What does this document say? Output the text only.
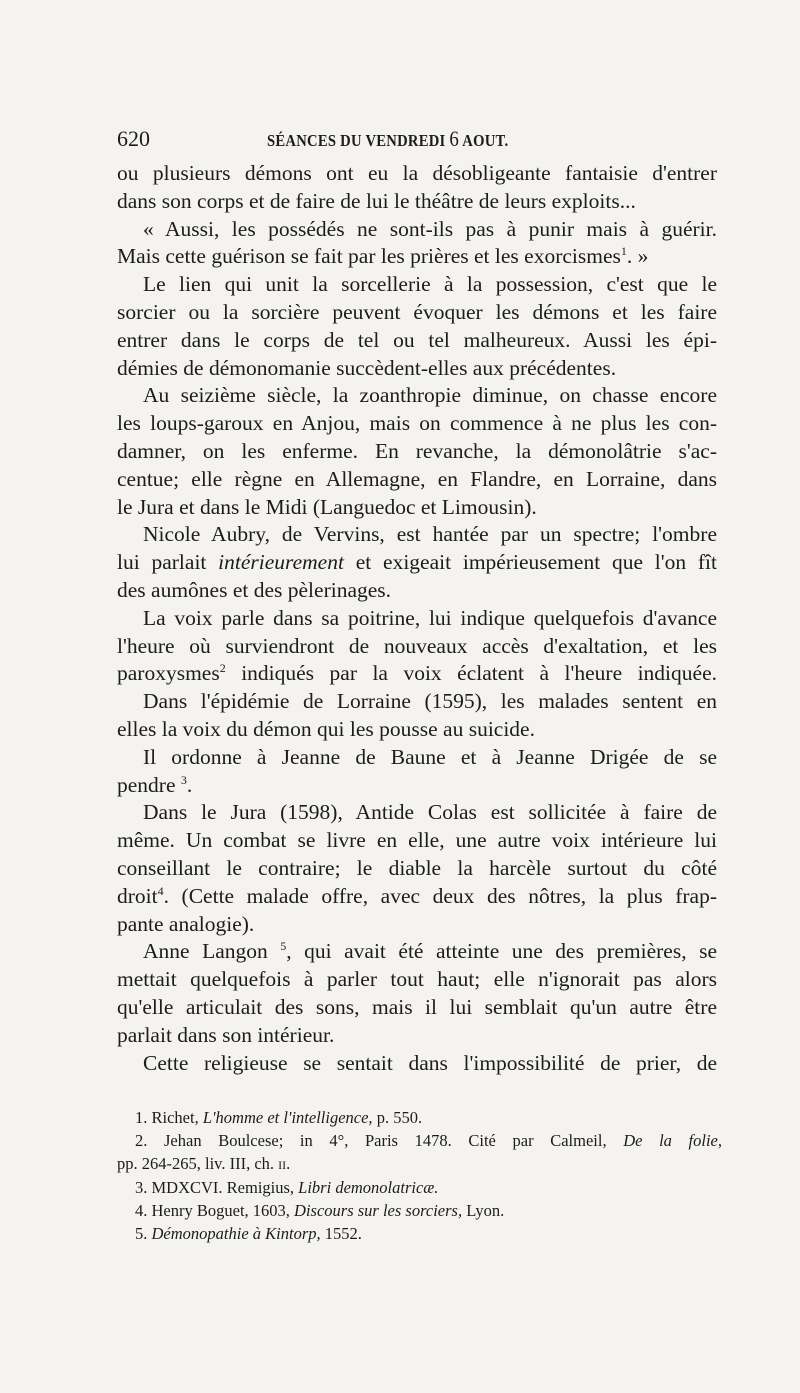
620	SÉANCES DU VENDREDI 6 AOUT.
ou plusieurs démons ont eu la désobligeante fantaisie d'entrer
dans son corps et de faire de lui le théâtre de leurs exploits...
« Aussi, les possédés ne sont-ils pas à punir mais à guérir.
Mais cette guérison se fait par les prières et les exorcismes$^1$. »
Le lien qui unit la sorcellerie à la possession, c'est que le
sorcier ou la sorcière peuvent évoquer les démons et les faire
entrer dans le corps de tel ou tel malheureux. Aussi les épi-
démies de démonomanie succèdent-elles aux précédentes.
Au seizième siècle, la zoanthropie diminue, on chasse encore
les loups-garoux en Anjou, mais on commence à ne plus les con-
damner, on les enferme. En revanche, la démonolâtrie s'ac-
centue; elle règne en Allemagne, en Flandre, en Lorraine, dans
le Jura et dans le Midi (Languedoc et Limousin).
Nicole Aubry, de Vervins, est hantée par un spectre; l'ombre
lui parlait intérieurement et exigeait impérieusement que l'on fît
des aumônes et des pèlerinages.
La voix parle dans sa poitrine, lui indique quelquefois d'avance
l'heure où surviendront de nouveaux accès d'exaltation, et les
paroxysmes$^2$ indiqués par la voix éclatent à l'heure indiquée.
Dans l'épidémie de Lorraine (1595), les malades sentent en
elles la voix du démon qui les pousse au suicide.
Il ordonne à Jeanne de Baune et à Jeanne Drigée de se
pendre $^3$.
Dans le Jura (1598), Antide Colas est sollicitée à faire de
même. Un combat se livre en elle, une autre voix intérieure lui
conseillant le contraire; le diable la harcèle surtout du côté
droit$^4$. (Cette malade offre, avec deux des nôtres, la plus frap-
pante analogie).
Anne Langon $^5$, qui avait été atteinte une des premières, se
mettait quelquefois à parler tout haut; elle n'ignorait pas alors
qu'elle articulait des sons, mais il lui semblait qu'un autre être
parlait dans son intérieur.
Cette religieuse se sentait dans l'impossibilité de prier, de
1. Richet, L'homme et l'intelligence, p. 550.
2. Jehan Boulcese; in 4°, Paris 1478. Cité par Calmeil, De la folie,
pp. 264-265, liv. III, ch. ii.
3. MDXCVI. Remigius, Libri demonolatricæ.
4. Henry Boguet, 1603, Discours sur les sorciers, Lyon.
5. Démonopathie à Kintorp, 1552.
